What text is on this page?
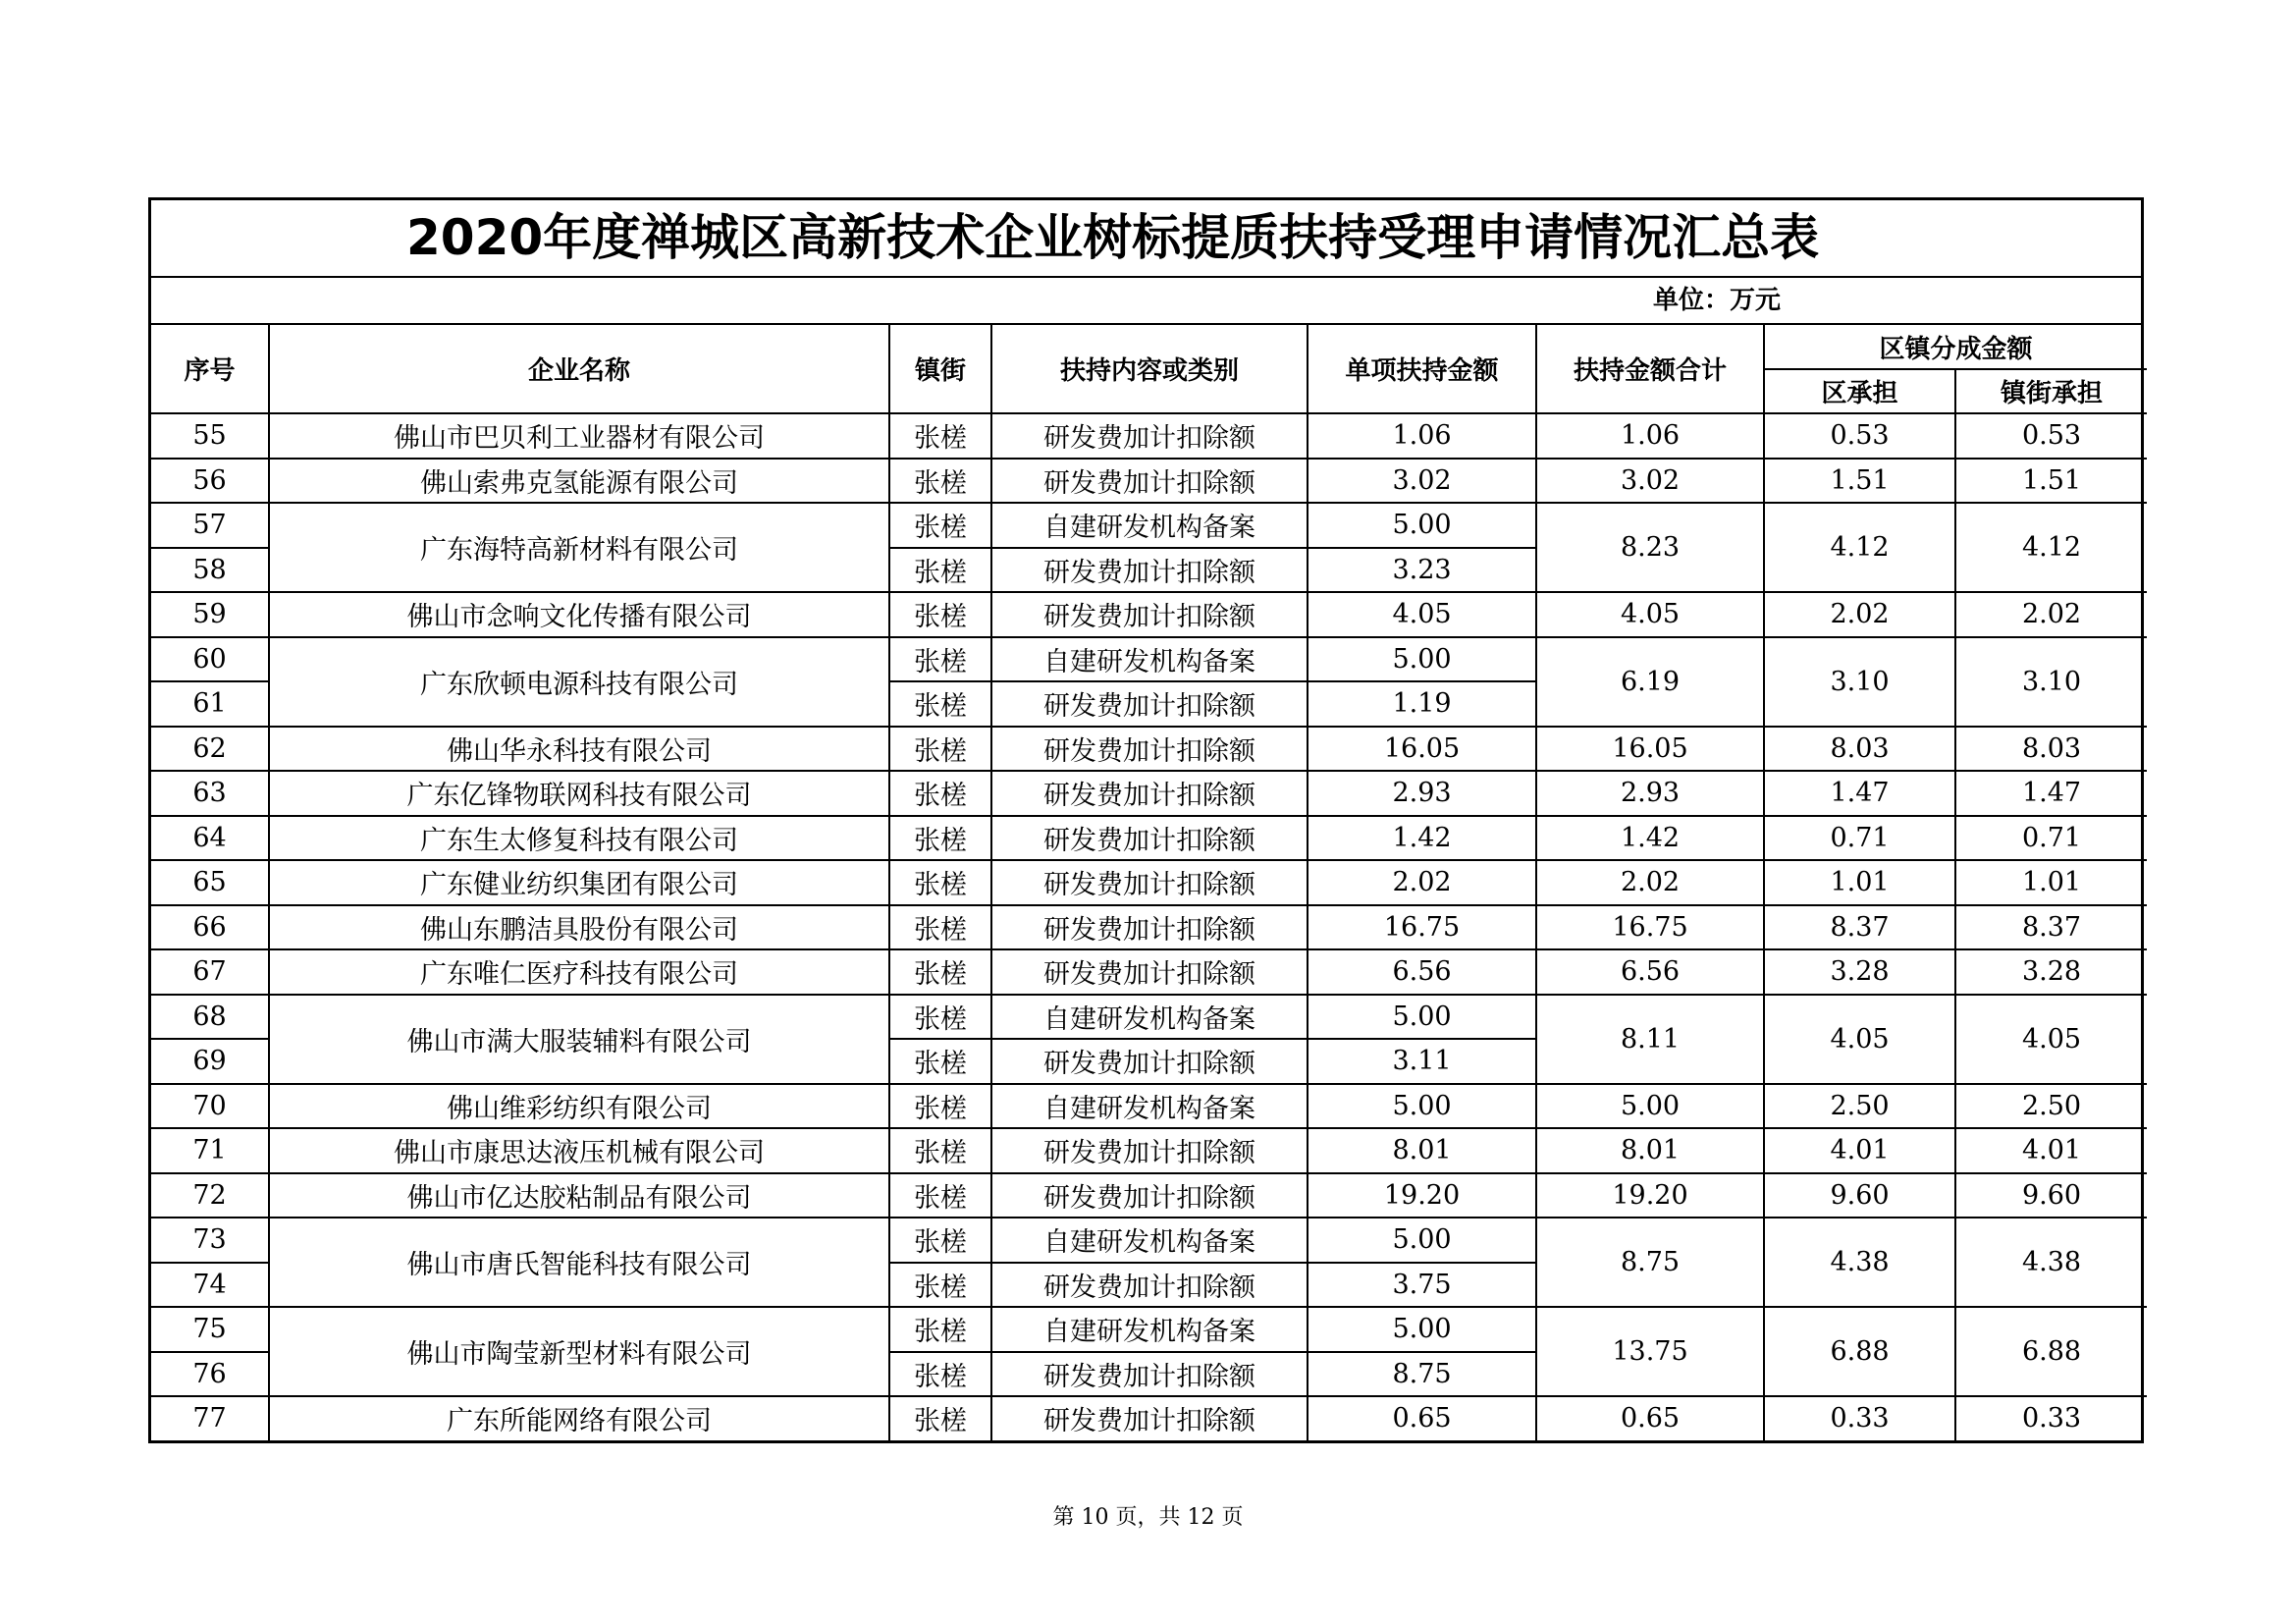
2020年度禅城区高新技术企业树标提质扶持受理申请情况汇总表
单位：万元
序号	企业名称	镇街	扶持内容或类别	单项扶持金额	扶持金额合计	区镇分成金额	
						区承担	镇街承担
55	佛山市巴贝利工业器材有限公司	张槎	研发费加计扣除额	1.06	1.06	0.53	0.53
56	佛山索弗克氢能源有限公司	张槎	研发费加计扣除额	3.02	3.02	1.51	1.51
57	广东海特高新材料有限公司	张槎	自建研发机构备案	5.00	8.23	4.12	4.12
58		张槎	研发费加计扣除额	3.23			
59	佛山市念响文化传播有限公司	张槎	研发费加计扣除额	4.05	4.05	2.02	2.02
60	广东欣顿电源科技有限公司	张槎	自建研发机构备案	5.00	6.19	3.10	3.10
61		张槎	研发费加计扣除额	1.19			
62	佛山华永科技有限公司	张槎	研发费加计扣除额	16.05	16.05	8.03	8.03
63	广东亿锋物联网科技有限公司	张槎	研发费加计扣除额	2.93	2.93	1.47	1.47
64	广东生太修复科技有限公司	张槎	研发费加计扣除额	1.42	1.42	0.71	0.71
65	广东健业纺织集团有限公司	张槎	研发费加计扣除额	2.02	2.02	1.01	1.01
66	佛山东鹏洁具股份有限公司	张槎	研发费加计扣除额	16.75	16.75	8.37	8.37
67	广东唯仁医疗科技有限公司	张槎	研发费加计扣除额	6.56	6.56	3.28	3.28
68	佛山市满大服装辅料有限公司	张槎	自建研发机构备案	5.00	8.11	4.05	4.05
69		张槎	研发费加计扣除额	3.11			
70	佛山维彩纺织有限公司	张槎	自建研发机构备案	5.00	5.00	2.50	2.50
71	佛山市康思达液压机械有限公司	张槎	研发费加计扣除额	8.01	8.01	4.01	4.01
72	佛山市亿达胶粘制品有限公司	张槎	研发费加计扣除额	19.20	19.20	9.60	9.60
73	佛山市唐氏智能科技有限公司	张槎	自建研发机构备案	5.00	8.75	4.38	4.38
74		张槎	研发费加计扣除额	3.75			
75	佛山市陶莹新型材料有限公司	张槎	自建研发机构备案	5.00	13.75	6.88	6.88
76		张槎	研发费加计扣除额	8.75			
77	广东所能网络有限公司	张槎	研发费加计扣除额	0.65	0.65	0.33	0.33
第 10 页，共 12 页
